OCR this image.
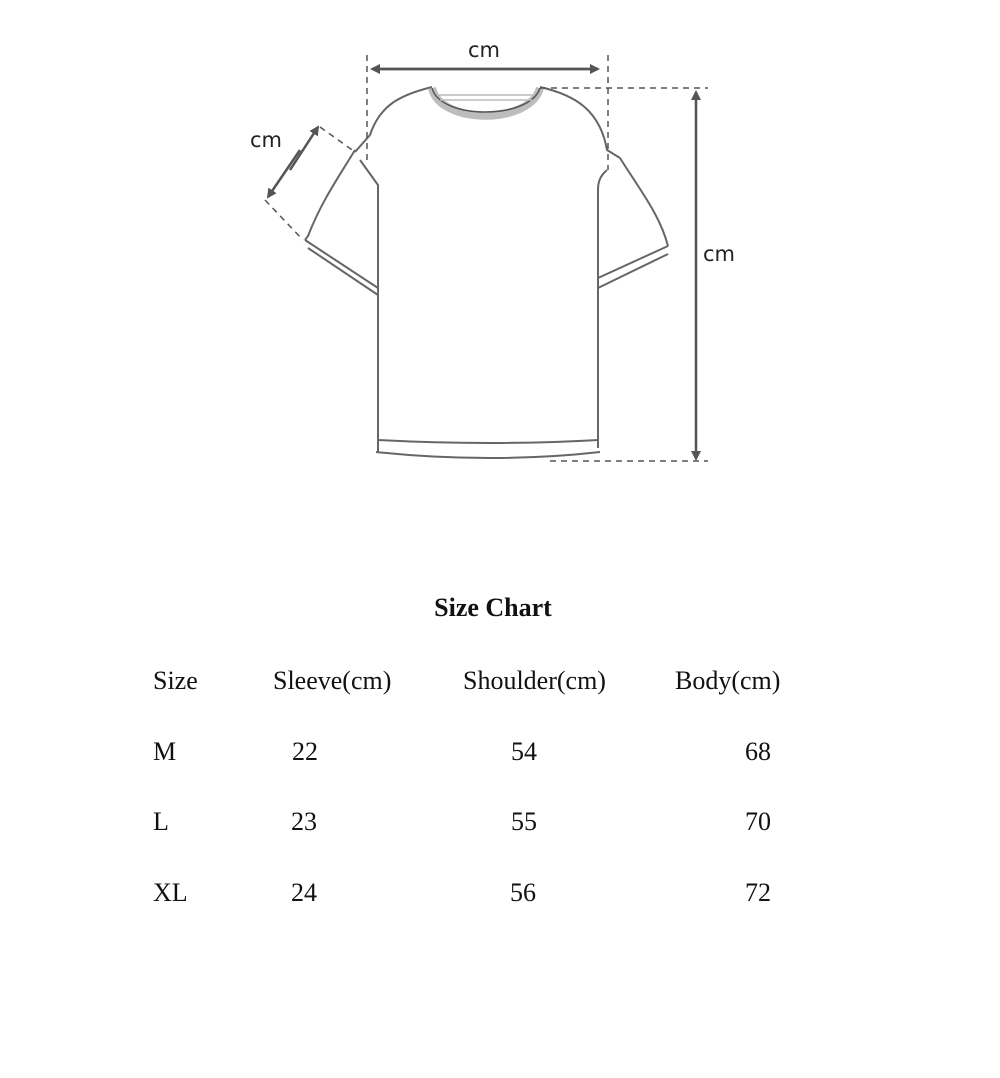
cm
cm
cm
Size Chart
Size	Sleeve(cm)	Shoulder(cm)	Body(cm)
M	22	54	68
L	23	55	70
XL	24	56	72
